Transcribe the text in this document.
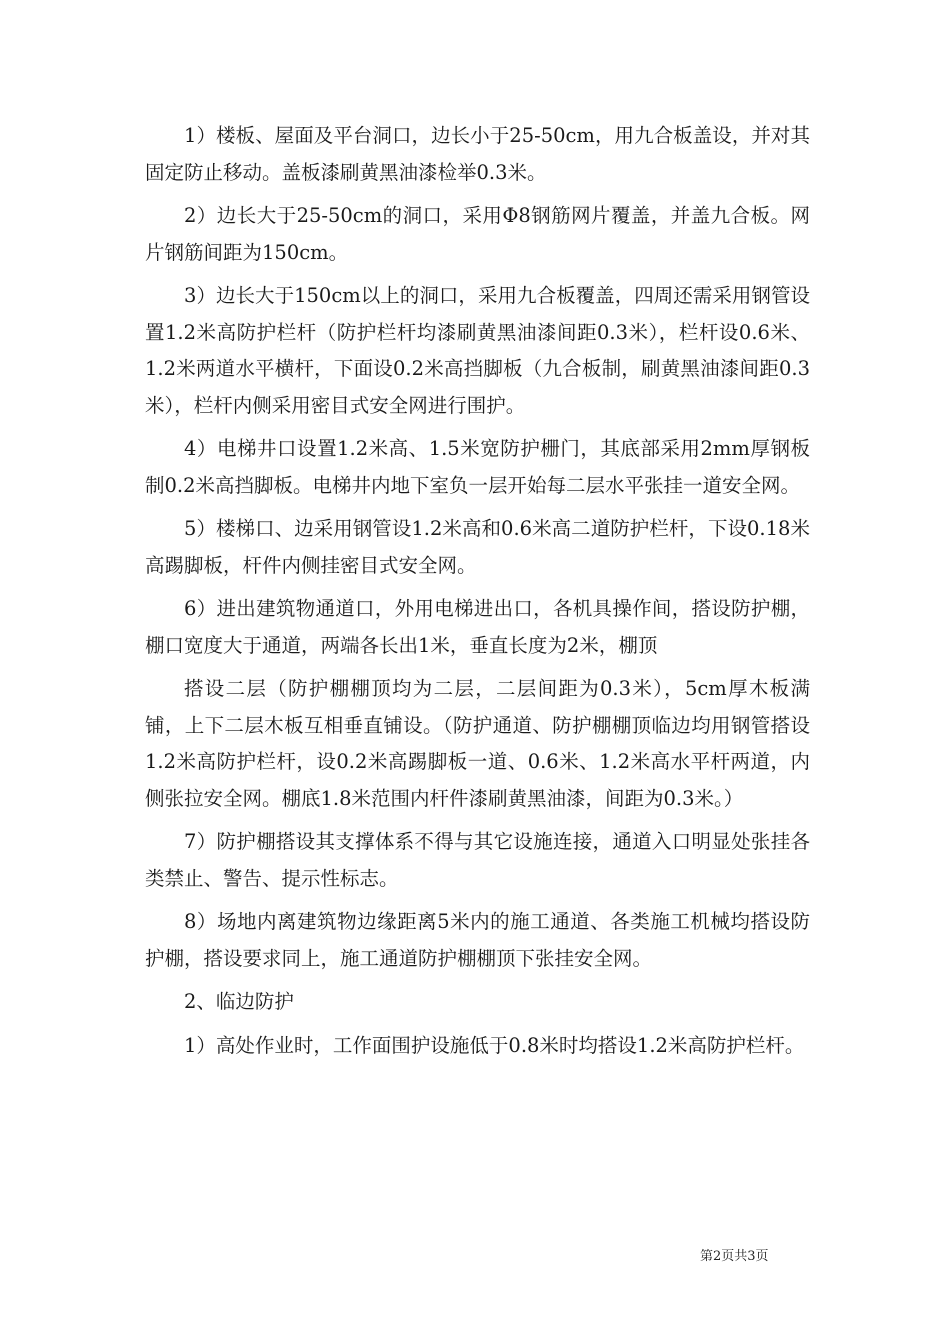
1）楼板、屋面及平台洞口，边长小于25-50cm，用九合板盖设，并对其固定防止移动。盖板漆刷黄黑油漆检举0.3米。

2）边长大于25-50cm的洞口，采用Φ8钢筋网片覆盖，并盖九合板。网片钢筋间距为150cm。

3）边长大于150cm以上的洞口，采用九合板覆盖，四周还需采用钢管设置1.2米高防护栏杆（防护栏杆均漆刷黄黑油漆间距0.3米），栏杆设0.6米、1.2米两道水平横杆，下面设0.2米高挡脚板（九合板制，刷黄黑油漆间距0.3米），栏杆内侧采用密目式安全网进行围护。

4）电梯井口设置1.2米高、1.5米宽防护栅门，其底部采用2mm厚钢板制0.2米高挡脚板。电梯井内地下室负一层开始每二层水平张挂一道安全网。

5）楼梯口、边采用钢管设1.2米高和0.6米高二道防护栏杆，下设0.18米高踢脚板，杆件内侧挂密目式安全网。

6）进出建筑物通道口，外用电梯进出口，各机具操作间，搭设防护棚，棚口宽度大于通道，两端各长出1米，垂直长度为2米，棚顶

搭设二层（防护棚棚顶均为二层，二层间距为0.3米），5cm厚木板满铺，上下二层木板互相垂直铺设。（防护通道、防护棚棚顶临边均用钢管搭设1.2米高防护栏杆，设0.2米高踢脚板一道、0.6米、1.2米高水平杆两道，内侧张拉安全网。棚底1.8米范围内杆件漆刷黄黑油漆，间距为0.3米。）

7）防护棚搭设其支撑体系不得与其它设施连接，通道入口明显处张挂各类禁止、警告、提示性标志。

8）场地内离建筑物边缘距离5米内的施工通道、各类施工机械均搭设防护棚，搭设要求同上，施工通道防护棚棚顶下张挂安全网。

2、临边防护

1）高处作业时，工作面围护设施低于0.8米时均搭设1.2米高防护栏杆。

第2页共3页
